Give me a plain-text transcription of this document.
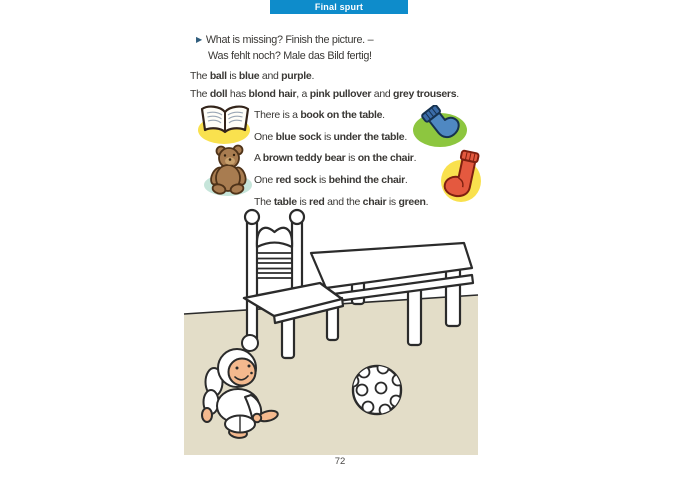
Final spurt
▶ What is missing? Finish the picture. –
Was fehlt noch? Male das Bild fertig!

The ball is blue and purple.

The doll has blond hair, a pink pullover and grey trousers.

There is a book on the table.

One blue sock is under the table.

A brown teddy bear is on the chair.

One red sock is behind the chair.

The table is red and the chair is green.

72
